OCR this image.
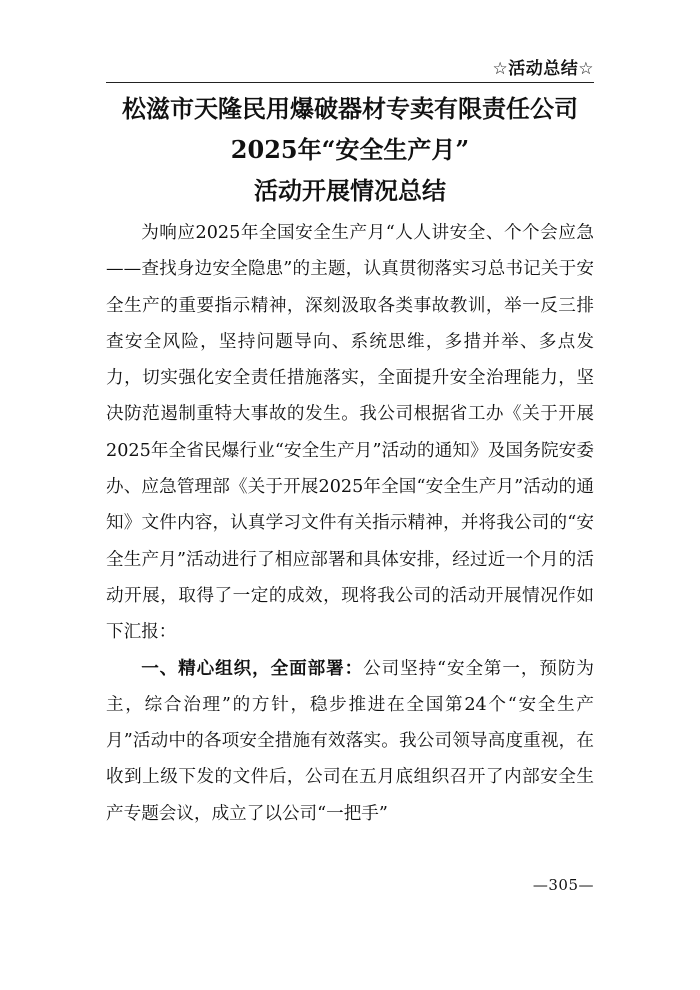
☆活动总结☆
松滋市天隆民用爆破器材专卖有限责任公司
2025年“安全生产月”
活动开展情况总结

为响应2025年全国安全生产月“人人讲安全、个个会应急——查找身边安全隐患”的主题，认真贯彻落实习总书记关于安全生产的重要指示精神，深刻汲取各类事故教训，举一反三排查安全风险，坚持问题导向、系统思维，多措并举、多点发力，切实强化安全责任措施落实，全面提升安全治理能力，坚决防范遏制重特大事故的发生。我公司根据省工办《关于开展2025年全省民爆行业“安全生产月”活动的通知》及国务院安委办、应急管理部《关于开展2025年全国“安全生产月”活动的通知》文件内容，认真学习文件有关指示精神，并将我公司的“安全生产月”活动进行了相应部署和具体安排，经过近一个月的活动开展，取得了一定的成效，现将我公司的活动开展情况作如下汇报：

一、精心组织，全面部署：公司坚持“安全第一，预防为主，综合治理”的方针，稳步推进在全国第24个“安全生产月”活动中的各项安全措施有效落实。我公司领导高度重视，在收到上级下发的文件后，公司在五月底组织召开了内部安全生产专题会议，成立了以公司“一把手”

—305—
